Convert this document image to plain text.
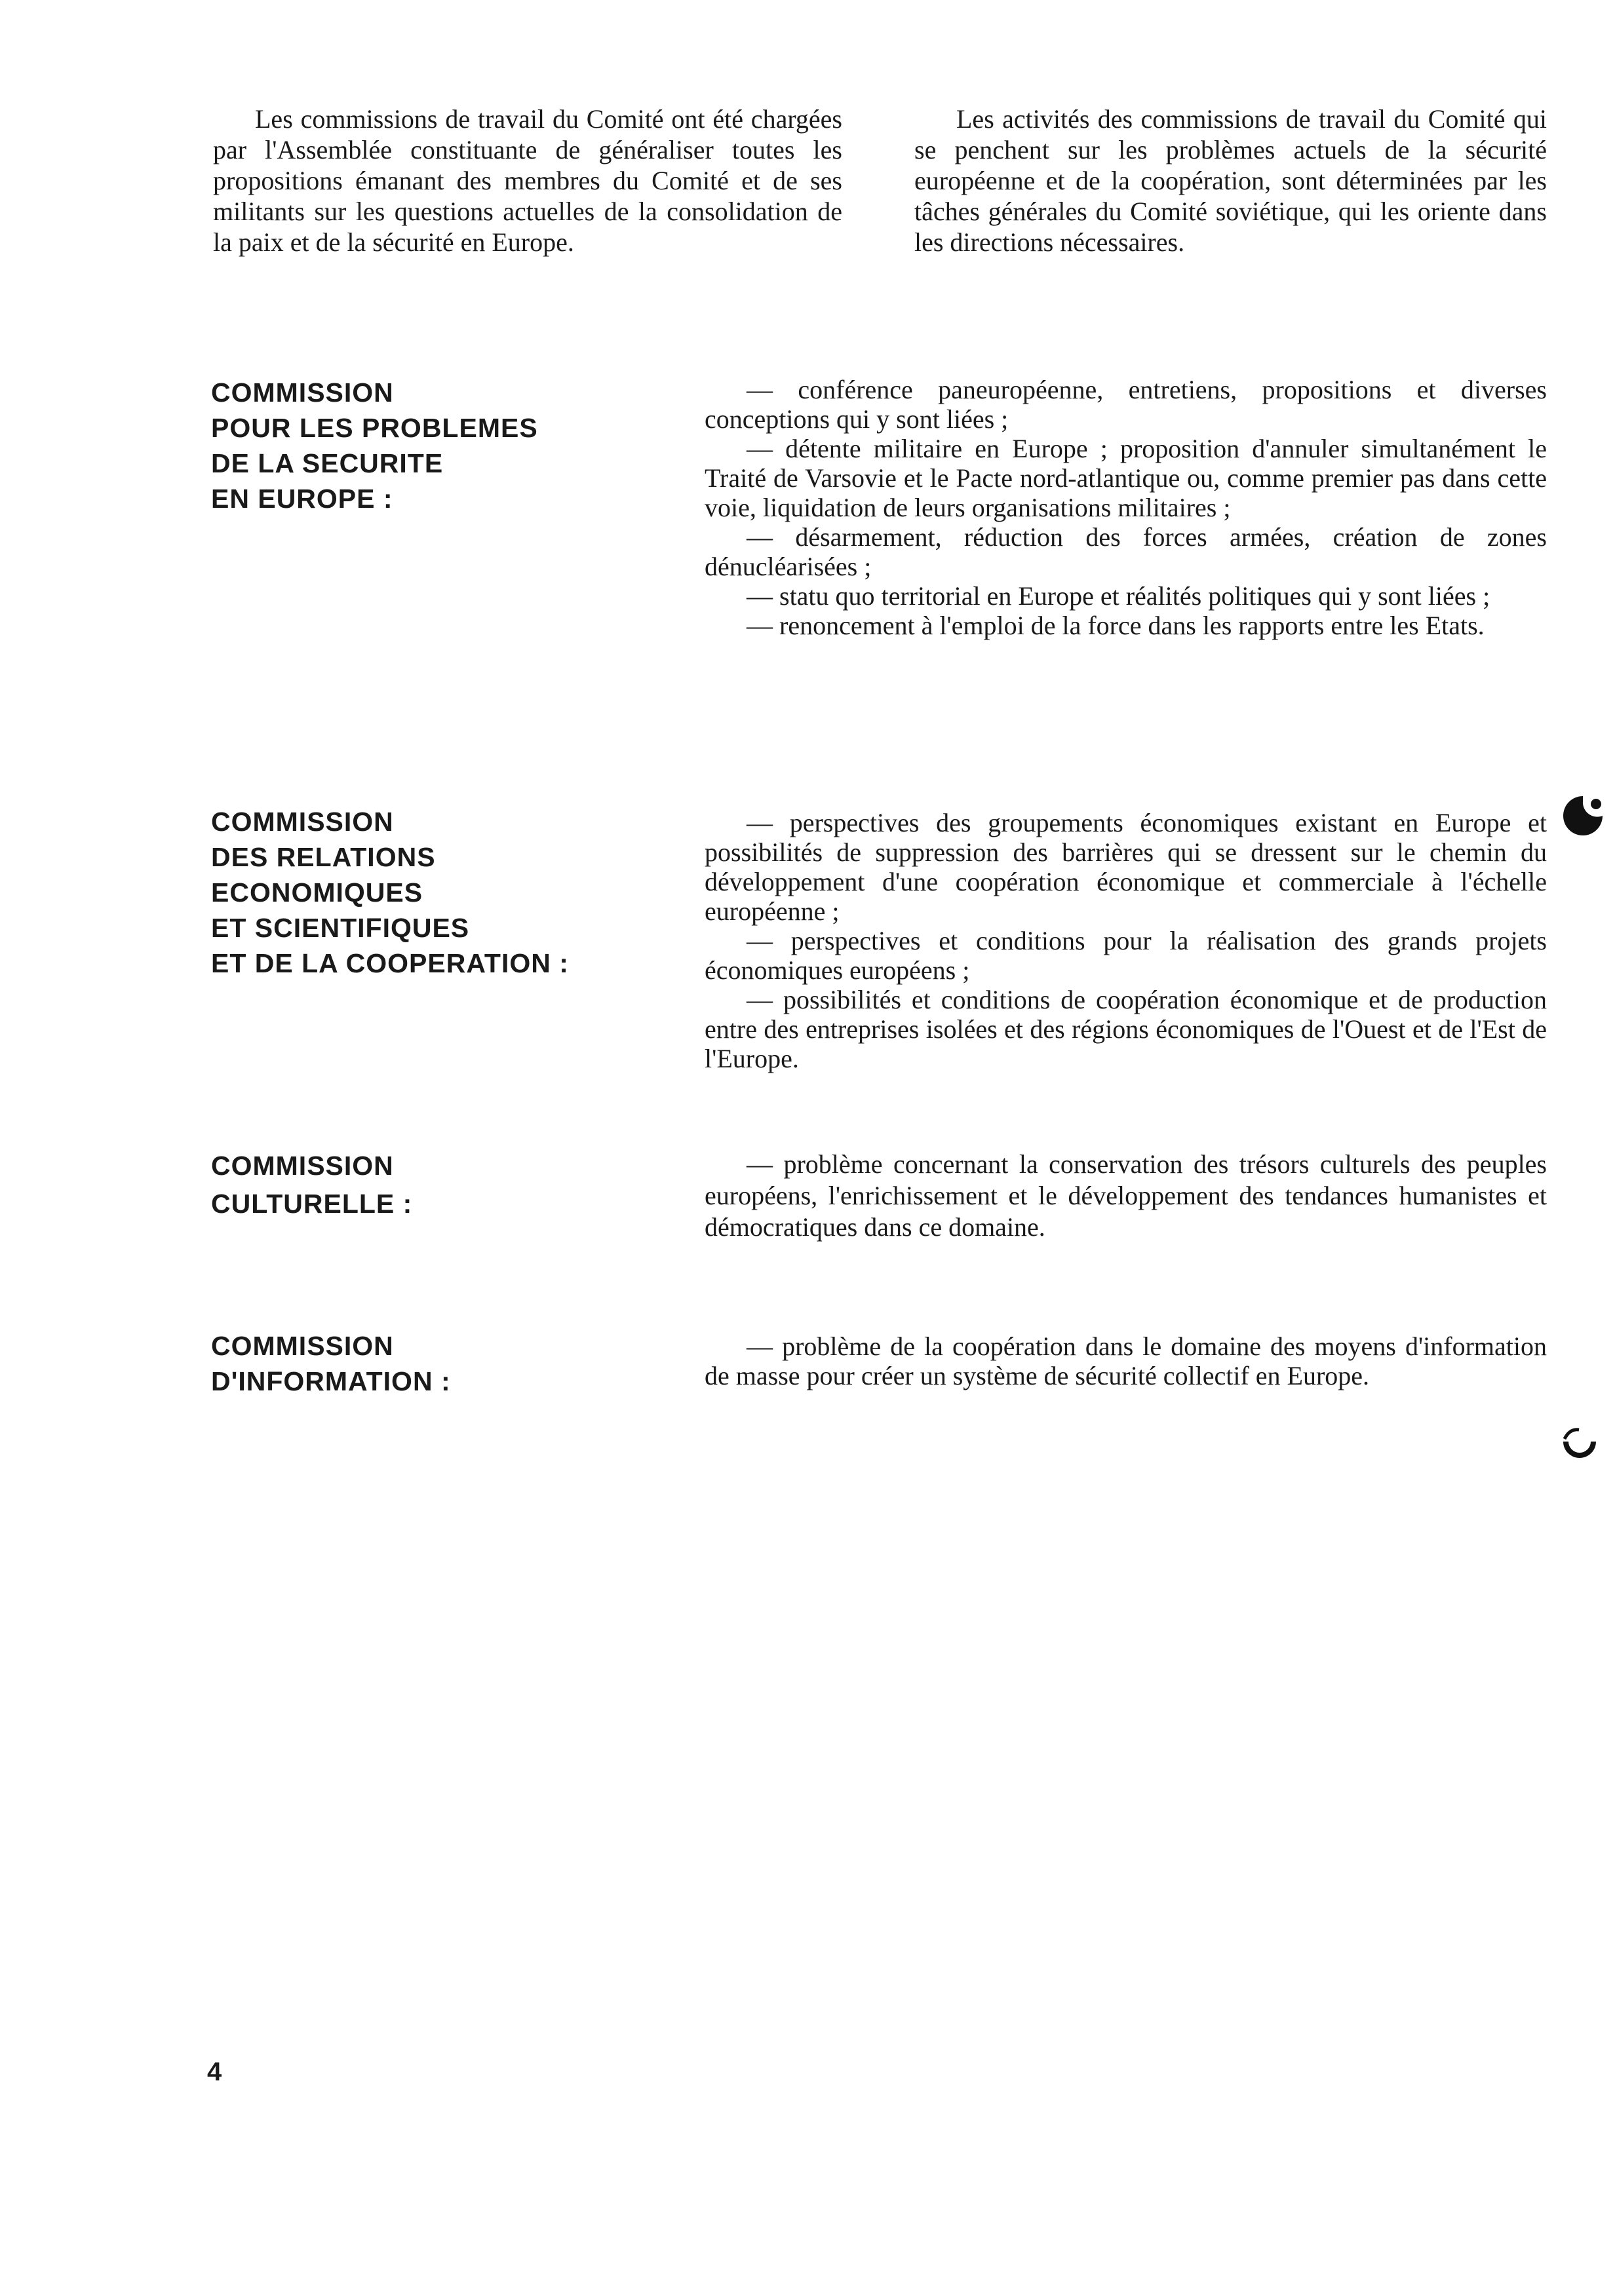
Les commissions de travail du Comité ont été chargées par l'Assemblée constituante de généraliser toutes les propositions émanant des membres du Comité et de ses militants sur les questions actuelles de la consolidation de la paix et de la sécurité en Europe.

Les activités des commissions de travail du Comité qui se penchent sur les problèmes actuels de la sécurité européenne et de la coopération, sont déterminées par les tâches générales du Comité soviétique, qui les oriente dans les directions nécessaires.

COMMISSION
POUR LES PROBLEMES
DE LA SECURITE
EN EUROPE :

— conférence paneuropéenne, entretiens, propositions et diverses conceptions qui y sont liées ;

— détente militaire en Europe ; proposition d'annuler simultanément le Traité de Varsovie et le Pacte nord-atlantique ou, comme premier pas dans cette voie, liquidation de leurs organisations militaires ;

— désarmement, réduction des forces armées, création de zones dénucléarisées ;

— statu quo territorial en Europe et réalités politiques qui y sont liées ;

— renoncement à l'emploi de la force dans les rapports entre les Etats.

COMMISSION
DES RELATIONS
ECONOMIQUES
ET SCIENTIFIQUES
ET DE LA COOPERATION :

— perspectives des groupements économiques existant en Europe et possibilités de suppression des barrières qui se dressent sur le chemin du développement d'une coopération économique et commerciale à l'échelle européenne ;

— perspectives et conditions pour la réalisation des grands projets économiques européens ;

— possibilités et conditions de coopération économique et de production entre des entreprises isolées et des régions économiques de l'Ouest et de l'Est de l'Europe.

COMMISSION
CULTURELLE :

— problème concernant la conservation des trésors culturels des peuples européens, l'enrichissement et le développement des tendances humanistes et démocratiques dans ce domaine.

COMMISSION
D'INFORMATION :

— problème de la coopération dans le domaine des moyens d'information de masse pour créer un système de sécurité collectif en Europe.

4
